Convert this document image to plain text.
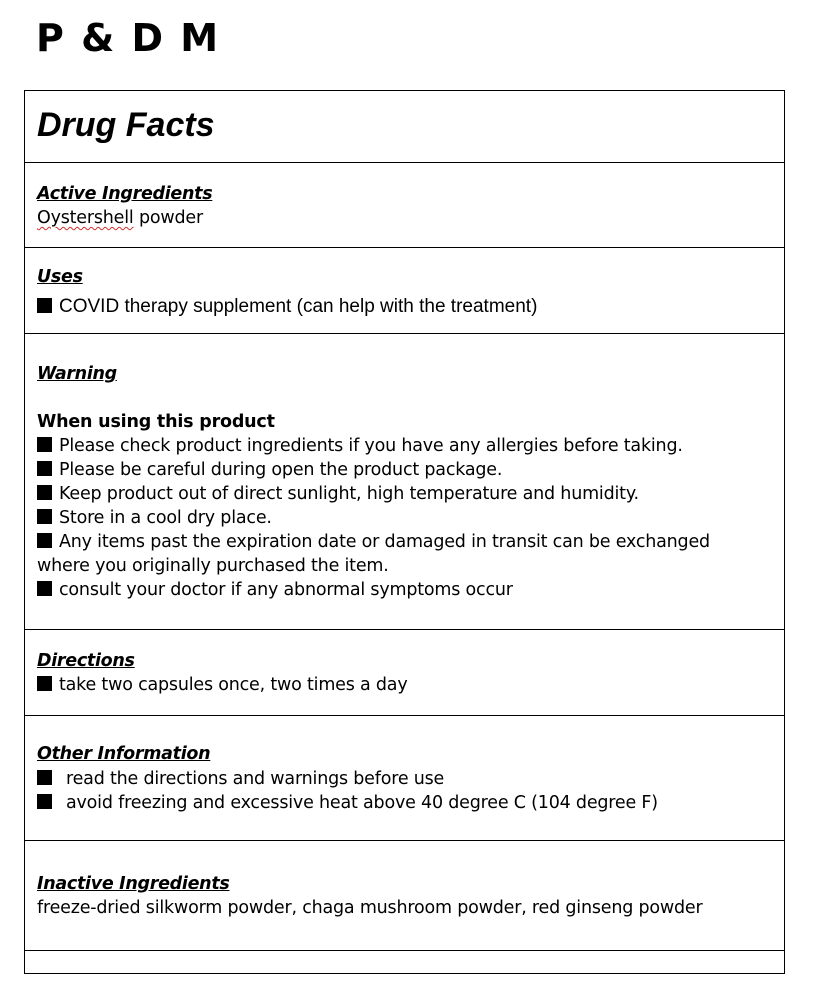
P & D M
Drug Facts

Active Ingredients

Oystershell powder

Uses

COVID therapy supplement (can help with the treatment)

Warning

When using this product

Please check product ingredients if you have any allergies before taking.

Please be careful during open the product package.

Keep product out of direct sunlight, high temperature and humidity.

Store in a cool dry place.

Any items past the expiration date or damaged in transit can be exchanged

where you originally purchased the item.

consult your doctor if any abnormal symptoms occur

Directions

take two capsules once, two times a day

Other Information

read the directions and warnings before use

avoid freezing and excessive heat above 40 degree C (104 degree F)

Inactive Ingredients

freeze-dried silkworm powder, chaga mushroom powder, red ginseng powder
